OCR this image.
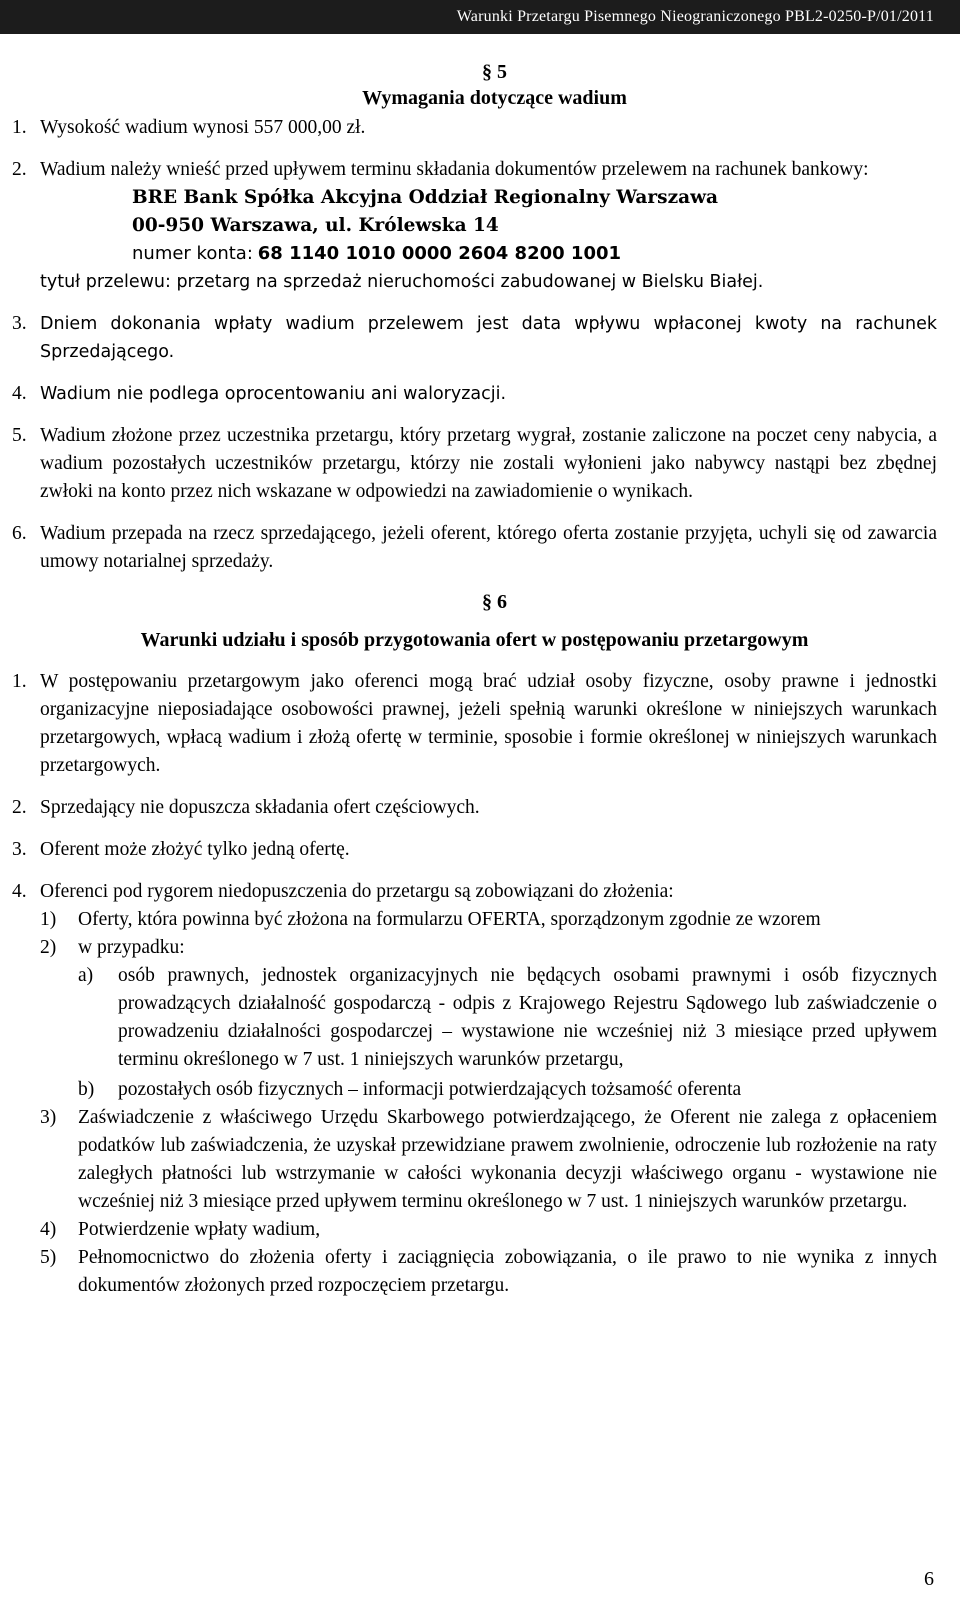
Warunki Przetargu Pisemnego Nieograniczonego PBL2-0250-P/01/2011
§ 5
Wymagania dotyczące wadium
1. Wysokość wadium wynosi 557 000,00 zł.
2. Wadium należy wnieść przed upływem terminu składania dokumentów przelewem na rachunek bankowy:
BRE Bank Spółka Akcyjna Oddział Regionalny Warszawa
00-950 Warszawa, ul. Królewska 14
numer konta: 68 1140 1010 0000 2604 8200 1001
tytuł przelewu: przetarg na sprzedaż nieruchomości zabudowanej w Bielsku Białej.
3. Dniem dokonania wpłaty wadium przelewem jest data wpływu wpłaconej kwoty na rachunek Sprzedającego.
4. Wadium nie podlega oprocentowaniu ani waloryzacji.
5. Wadium złożone przez uczestnika przetargu, który przetarg wygrał, zostanie zaliczone na poczet ceny nabycia, a wadium pozostałych uczestników przetargu, którzy nie zostali wyłonieni jako nabywcy nastąpi bez zbędnej zwłoki na konto przez nich wskazane w odpowiedzi na zawiadomienie o wynikach.
6. Wadium przepada na rzecz sprzedającego, jeżeli oferent, którego oferta zostanie przyjęta, uchyli się od zawarcia umowy notarialnej sprzedaży.
§ 6
Warunki udziału i sposób przygotowania ofert w postępowaniu przetargowym
1. W postępowaniu przetargowym jako oferenci mogą brać udział osoby fizyczne, osoby prawne i jednostki organizacyjne nieposiadające osobowości prawnej, jeżeli spełnią warunki określone w niniejszych warunkach przetargowych, wpłacą wadium i złożą ofertę w terminie, sposobie i formie określonej w niniejszych warunkach przetargowych.
2. Sprzedający nie dopuszcza składania ofert częściowych.
3. Oferent może złożyć tylko jedną ofertę.
4. Oferenci pod rygorem niedopuszczenia do przetargu są zobowiązani do złożenia:
1)	Oferty, która powinna być złożona na formularzu OFERTA, sporządzonym zgodnie ze wzorem
2)	w przypadku:
a)	osób prawnych, jednostek organizacyjnych nie będących osobami prawnymi i osób fizycznych prowadzących działalność gospodarczą - odpis z Krajowego Rejestru Sądowego lub zaświadczenie o prowadzeniu działalności gospodarczej – wystawione nie wcześniej niż 3 miesiące przed upływem terminu określonego w 7 ust. 1 niniejszych warunków przetargu,
b)	pozostałych osób fizycznych – informacji potwierdzających tożsamość oferenta
3)	Zaświadczenie z właściwego Urzędu Skarbowego potwierdzającego, że Oferent nie zalega z opłaceniem podatków lub zaświadczenia, że uzyskał przewidziane prawem zwolnienie, odroczenie lub rozłożenie na raty zaległych płatności lub wstrzymanie w całości wykonania decyzji właściwego organu - wystawione nie wcześniej niż 3 miesiące przed upływem terminu określonego w 7 ust. 1 niniejszych warunków przetargu.
4)	Potwierdzenie wpłaty wadium,
5)	Pełnomocnictwo do złożenia oferty i zaciągnięcia zobowiązania, o ile prawo to nie wynika z innych dokumentów złożonych przed rozpoczęciem przetargu.
6
